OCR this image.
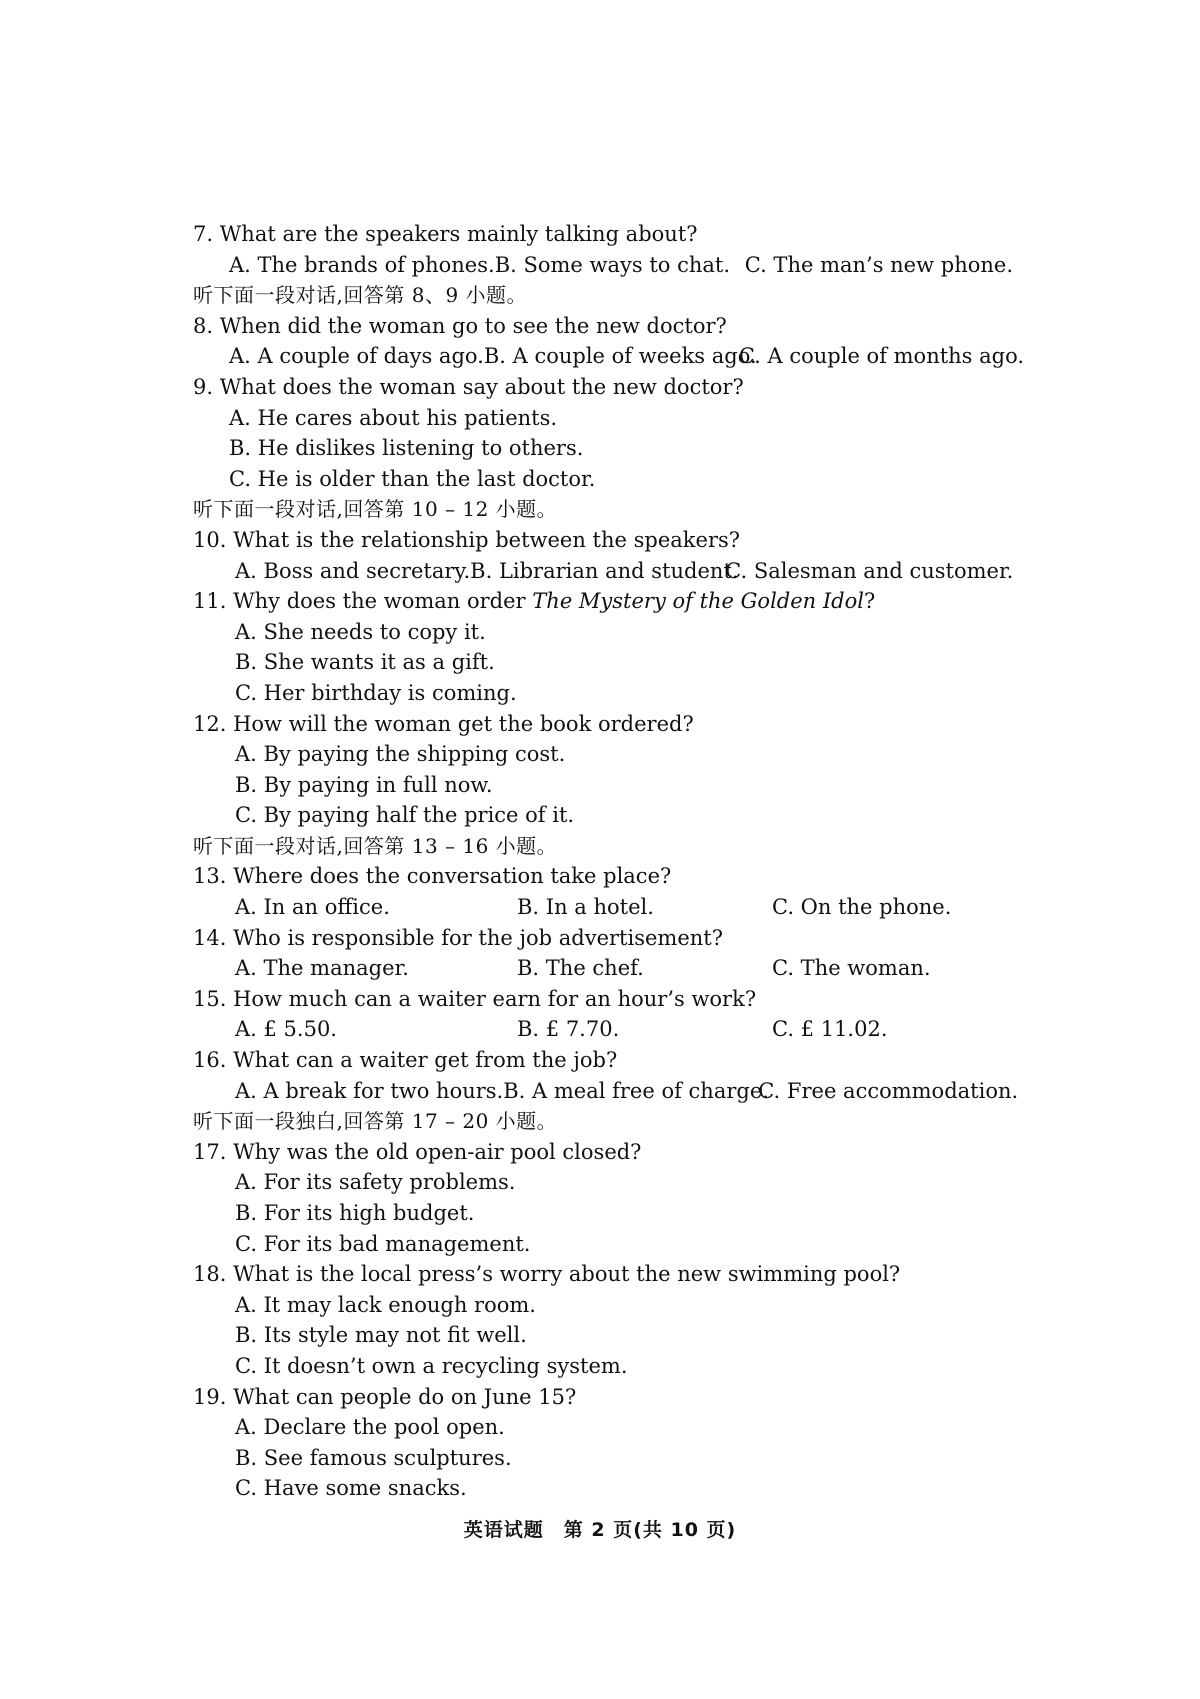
7. What are the speakers mainly talking about?
A. The brands of phones. B. Some ways to chat. C. The man’s new phone.
听下面一段对话,回答第 8、9 小题。
8. When did the woman go to see the new doctor?
A. A couple of days ago. B. A couple of weeks ago.
C. A couple of months ago.
9. What does the woman say about the new doctor?
A. He cares about his patients.
B. He dislikes listening to others.
C. He is older than the last doctor.
听下面一段对话,回答第 10 – 12 小题。
10. What is the relationship between the speakers?
A. Boss and secretary. B. Librarian and student.
C. Salesman and customer.
11. Why does the woman order The Mystery of the Golden Idol?
A. She needs to copy it.
B. She wants it as a gift.
C. Her birthday is coming.
12. How will the woman get the book ordered?
A. By paying the shipping cost.
B. By paying in full now.
C. By paying half the price of it.
听下面一段对话,回答第 13 – 16 小题。
13. Where does the conversation take place?
A. In an office.	B. In a hotel.	C. On the phone.
14. Who is responsible for the job advertisement?
A. The manager.	B. The chef.	C. The woman.
15. How much can a waiter earn for an hour’s work?
A. £ 5.50.	B. £ 7.70.	C. £ 11.02.
16. What can a waiter get from the job?
A. A break for two hours. B. A meal free of charge.
C. Free accommodation.
听下面一段独白,回答第 17 – 20 小题。
17. Why was the old open-air pool closed?
A. For its safety problems.
B. For its high budget.
C. For its bad management.
18. What is the local press’s worry about the new swimming pool?
A. It may lack enough room.
B. Its style may not fit well.
C. It doesn’t own a recycling system.
19. What can people do on June 15?
A. Declare the pool open.
B. See famous sculptures.
C. Have some snacks.
英语试题　第 2 页(共 10 页)
